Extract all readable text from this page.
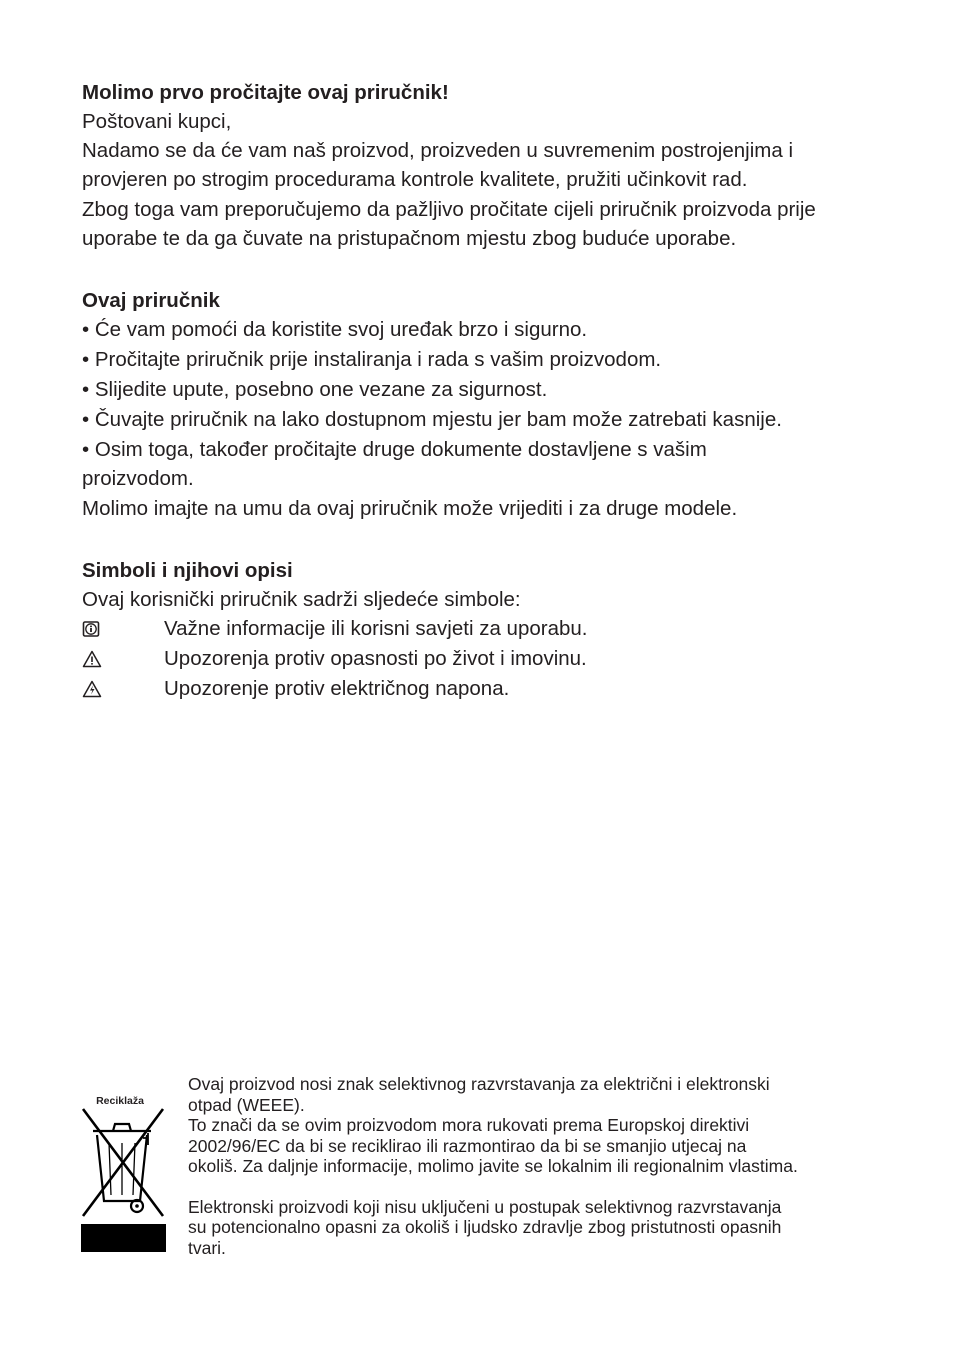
Molimo prvo pročitajte ovaj priručnik!

Poštovani kupci,

Nadamo se da će vam naš proizvod, proizveden u suvremenim postrojenjima i

provjeren po strogim procedurama kontrole kvalitete, pružiti učinkovit rad.

Zbog toga vam preporučujemo da pažljivo pročitate cijeli priručnik proizvoda prije

uporabe te da ga čuvate na pristupačnom mjestu zbog buduće uporabe.

Ovaj priručnik

• Će vam pomoći da koristite svoj uređak brzo i sigurno.

• Pročitajte priručnik prije instaliranja i rada s vašim proizvodom.

• Slijedite upute, posebno one vezane za sigurnost.

• Čuvajte priručnik na lako dostupnom mjestu jer bam može zatrebati kasnije.

• Osim toga, također pročitajte druge dokumente dostavljene s vašim

proizvodom.

Molimo imajte na umu da ovaj priručnik može vrijediti i za druge modele.

Simboli i njihovi opisi

Ovaj korisnički priručnik sadrži sljedeće simbole:

Važne informacije ili korisni savjeti za uporabu.
Upozorenja protiv opasnosti po život i imovinu.
Upozorenje protiv električnog napona.
Reciklaža

Ovaj proizvod nosi znak selektivnog razvrstavanja za električni i elektronski

otpad (WEEE).

To znači da se ovim proizvodom mora rukovati prema Europskoj direktivi

2002/96/EC da bi se reciklirao ili razmontirao da bi se smanjio utjecaj na

okoliš. Za daljnje informacije, molimo javite se lokalnim ili regionalnim vlastima.

Elektronski proizvodi koji nisu uključeni u postupak selektivnog razvrstavanja

su potencionalno opasni za okoliš i ljudsko zdravlje zbog pristutnosti opasnih

tvari.
